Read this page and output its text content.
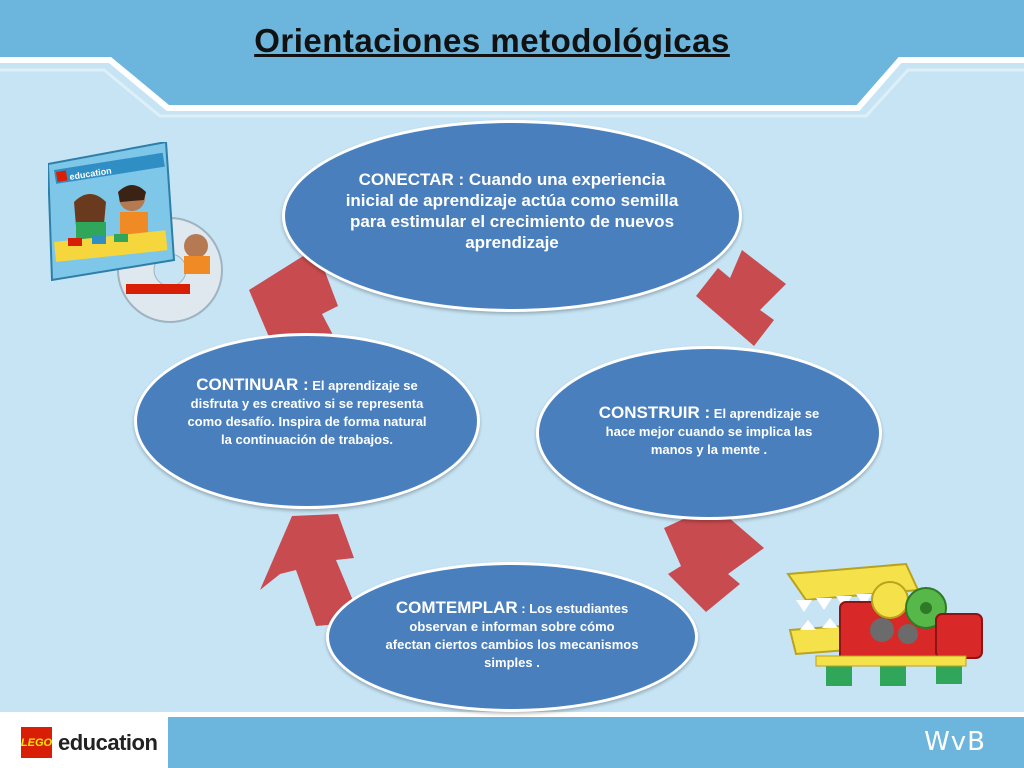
Orientaciones metodológicas
education	CONECTAR : Cuando una experiencia inicial de aprendizaje actúa como semilla para estimular el crecimiento de nuevos aprendizaje
CONTINUAR : El aprendizaje se disfruta y es creativo si se representa como desafío. Inspira de forma natural la continuación de trabajos.
CONSTRUIR : El aprendizaje se hace mejor cuando se implica las manos y la mente .
COMTEMPLAR : Los estudiantes observan e informan sobre cómo afectan ciertos cambios los mecanismos simples .
LEGO education	WvB
